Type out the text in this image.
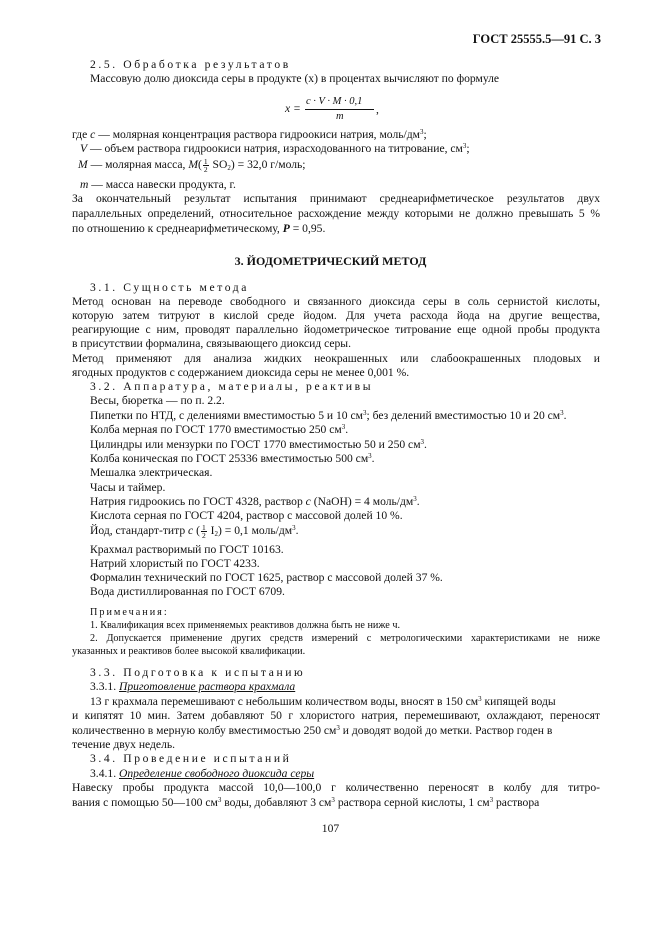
ГОСТ 25555.5—91 С. 3
2.5. Обработка результатов
Массовую долю диоксида серы в продукте (x) в процентах вычисляют по формуле
x =
c · V · M · 0,1
m
,
где c — молярная концентрация раствора гидроокиси натрия, моль/$дм^3$;
V — объем раствора гидроокиси натрия, израсходованного на титрование, $см^3$;
M — молярная масса, $M( \frac{1}{2} SO_2) = 32,0$ г/моль;
m — масса навески продукта, г.
За окончательный результат испытания принимают среднеарифметическое результатов двух
параллельных определений, относительное расхождение между которыми не должно превышать 5 %
по отношению к среднеарифметическому, P = 0,95.
3. ЙОДОМЕТРИЧЕСКИЙ МЕТОД
3.1. Сущность метода
Метод основан на переводе свободного и связанного диоксида серы в соль сернистой кислоты,
которую затем титруют в кислой среде йодом. Для учета расхода йода на другие вещества,
реагирующие с ним, проводят параллельно йодометрическое титрование еще одной пробы продукта
в присутствии формалина, связывающего диоксид серы.
Метод применяют для анализа жидких неокрашенных или слабоокрашенных плодовых и
ягодных продуктов с содержанием диоксида серы не менее 0,001 %.
3.2. Аппаратура, материалы, реактивы
Весы, бюретка — по п. 2.2.
Пипетки по НТД, с делениями вместимостью 5 и 10 $см^3$; без делений вместимостью 10 и 20 $см^3$.
Колба мерная по ГОСТ 1770 вместимостью 250 $см^3$.
Цилиндры или мензурки по ГОСТ 1770 вместимостью 50 и 250 $см^3$.
Колба коническая по ГОСТ 25336 вместимостью 500 $см^3$.
Мешалка электрическая.
Часы и таймер.
Натрия гидроокись по ГОСТ 4328, раствор c (NaOH) = 4 моль/$дм^3$.
Кислота серная по ГОСТ 4204, раствор с массовой долей 10 %.
Йод, стандарт-титр c ( $\frac{1}{2} I_2) = 0,1$ моль/$дм^3$.
Крахмал растворимый по ГОСТ 10163.
Натрий хлористый по ГОСТ 4233.
Формалин технический по ГОСТ 1625, раствор с массовой долей 37 %.
Вода дистиллированная по ГОСТ 6709.
Примечания:
1. Квалификация всех применяемых реактивов должна быть не ниже ч.
2. Допускается применение других средств измерений с метрологическими характеристиками не ниже
указанных и реактивов более высокой квалификации.
3.3. Подготовка к испытанию
3.3.1. Приготовление раствора крахмала
13 г крахмала перемешивают с небольшим количеством воды, вносят в 150 $см^3$ кипящей воды
и кипятят 10 мин. Затем добавляют 50 г хлористого натрия, перемешивают, охлаждают, переносят
количественно в мерную колбу вместимостью 250 $см^3$ и доводят водой до метки. Раствор годен в
течение двух недель.
3.4. Проведение испытаний
3.4.1. Определение свободного диоксида серы
Навеску пробы продукта массой 10,0—100,0 г количественно переносят в колбу для титро-
вания с помощью 50—100 $см^3$ воды, добавляют 3 $см^3$ раствора серной кислоты, 1 $см^3$ раствора
107
